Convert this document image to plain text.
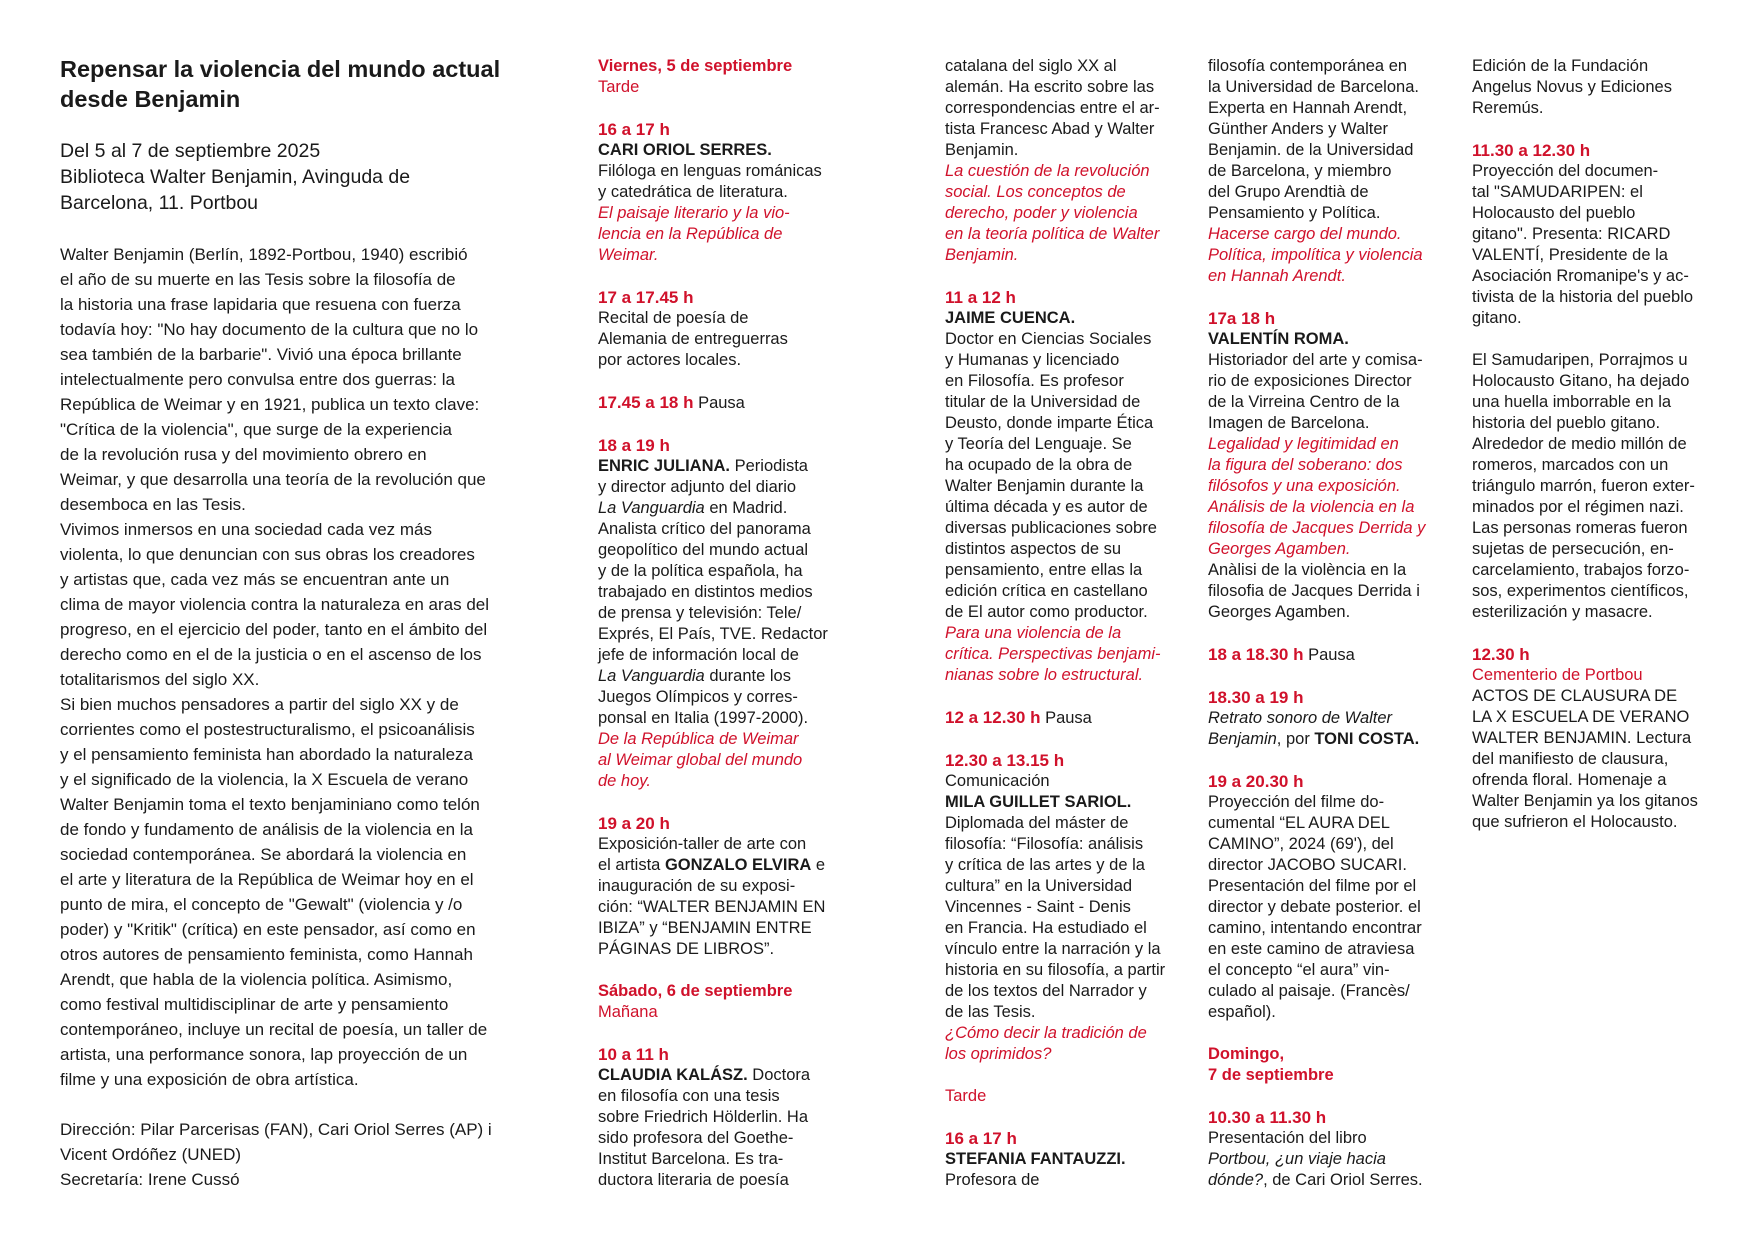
Repensar la violencia del mundo actual
desde Benjamin
Del 5 al 7 de septiembre 2025
Biblioteca Walter Benjamin, Avinguda de
Barcelona, 11. Portbou

Walter Benjamin (Berlín, 1892-Portbou, 1940) escribió
el año de su muerte en las Tesis sobre la filosofía de
la historia una frase lapidaria que resuena con fuerza
todavía hoy: "No hay documento de la cultura que no lo
sea también de la barbarie". Vivió una época brillante
intelectualmente pero convulsa entre dos guerras: la
República de Weimar y en 1921, publica un texto clave:
"Crítica de la violencia", que surge de la experiencia
de la revolución rusa y del movimiento obrero en
Weimar, y que desarrolla una teoría de la revolución que
desemboca en las Tesis.

Vivimos inmersos en una sociedad cada vez más
violenta, lo que denuncian con sus obras los creadores
y artistas que, cada vez más se encuentran ante un
clima de mayor violencia contra la naturaleza en aras del
progreso, en el ejercicio del poder, tanto en el ámbito del
derecho como en el de la justicia o en el ascenso de los
totalitarismos del siglo XX.

Si bien muchos pensadores a partir del siglo XX y de
corrientes como el postestructuralismo, el psicoanálisis
y el pensamiento feminista han abordado la naturaleza
y el significado de la violencia, la X Escuela de verano
Walter Benjamin toma el texto benjaminiano como telón
de fondo y fundamento de análisis de la violencia en la
sociedad contemporánea. Se abordará la violencia en
el arte y literatura de la República de Weimar hoy en el
punto de mira, el concepto de "Gewalt" (violencia y /o
poder) y "Kritik" (crítica) en este pensador, así como en
otros autores de pensamiento feminista, como Hannah
Arendt, que habla de la violencia política. Asimismo,
como festival multidisciplinar de arte y pensamiento
contemporáneo, incluye un recital de poesía, un taller de
artista, una performance sonora, lap proyección de un
filme y una exposición de obra artística.

Dirección: Pilar Parcerisas (FAN), Cari Oriol Serres (AP) i
Vicent Ordóñez (UNED)
Secretaría: Irene Cussó

Viernes, 5 de septiembre

Tarde

16 a 17 h

CARI ORIOL SERRES.

Filóloga en lenguas románicas
y catedrática de literatura.

El paisaje literario y la vio-
lencia en la República de
Weimar.

17 a 17.45 h

Recital de poesía de
Alemania de entreguerras
por actores locales.

17.45 a 18 h Pausa

18 a 19 h

ENRIC JULIANA. Periodista

y director adjunto del diario

La Vanguardia en Madrid.

Analista crítico del panorama
geopolítico del mundo actual
y de la política española, ha
trabajado en distintos medios
de prensa y televisión: Tele/
Exprés, El País, TVE. Redactor
jefe de información local de

La Vanguardia durante los

Juegos Olímpicos y corres-
ponsal en Italia (1997-2000).

De la República de Weimar
al Weimar global del mundo
de hoy.

19 a 20 h

Exposición-taller de arte con

el artista GONZALO ELVIRA e

inauguración de su exposi-
ción: “WALTER BENJAMIN EN
IBIZA” y “BENJAMIN ENTRE
PÁGINAS DE LIBROS”.

Sábado, 6 de septiembre

Mañana

10 a 11 h

CLAUDIA KALÁSZ. Doctora

en filosofía con una tesis
sobre Friedrich Hölderlin. Ha
sido profesora del Goethe-
Institut Barcelona. Es tra-
ductora literaria de poesía

catalana del siglo XX al
alemán. Ha escrito sobre las
correspondencias entre el ar-
tista Francesc Abad y Walter
Benjamin.

La cuestión de la revolución
social. Los conceptos de
derecho, poder y violencia
en la teoría política de Walter
Benjamin.

11 a 12 h

JAIME CUENCA.

Doctor en Ciencias Sociales
y Humanas y licenciado
en Filosofía. Es profesor
titular de la Universidad de
Deusto, donde imparte Ética
y Teoría del Lenguaje. Se
ha ocupado de la obra de
Walter Benjamin durante la
última década y es autor de
diversas publicaciones sobre
distintos aspectos de su
pensamiento, entre ellas la
edición crítica en castellano
de El autor como productor.

Para una violencia de la
crítica. Perspectivas benjami-
nianas sobre lo estructural.

12 a 12.30 h Pausa

12.30 a 13.15 h

Comunicación

MILA GUILLET SARIOL.

Diplomada del máster de
filosofía: “Filosofía: análisis
y crítica de las artes y de la
cultura” en la Universidad
Vincennes - Saint - Denis
en Francia. Ha estudiado el
vínculo entre la narración y la
historia en su filosofía, a partir
de los textos del Narrador y
de las Tesis.

¿Cómo decir la tradición de
los oprimidos?

Tarde

16 a 17 h

STEFANIA FANTAUZZI.

Profesora de

filosofía contemporánea en
la Universidad de Barcelona.
Experta en Hannah Arendt,
Günther Anders y Walter
Benjamin. de la Universidad
de Barcelona, y miembro
del Grupo Arendtià de
Pensamiento y Política.

Hacerse cargo del mundo.
Política, impolítica y violencia
en Hannah Arendt.

17a 18 h

VALENTÍN ROMA.

Historiador del arte y comisa-
rio de exposiciones Director
de la Virreina Centro de la
Imagen de Barcelona.

Legalidad y legitimidad en
la figura del soberano: dos
filósofos y una exposición.
Análisis de la violencia en la
filosofía de Jacques Derrida y
Georges Agamben.

Anàlisi de la violència en la
filosofia de Jacques Derrida i
Georges Agamben.

18 a 18.30 h Pausa

18.30 a 19 h

Retrato sonoro de Walter

Benjamin, por TONI COSTA.

19 a 20.30 h

Proyección del filme do-
cumental “EL AURA DEL
CAMINO”, 2024 (69'), del
director JACOBO SUCARI.
Presentación del filme por el
director y debate posterior. el
camino, intentando encontrar
en este camino de atraviesa
el concepto “el aura” vin-
culado al paisaje. (Francès/
español).

Domingo,
7 de septiembre

10.30 a 11.30 h

Presentación del libro

Portbou, ¿un viaje hacia

dónde?, de Cari Oriol Serres.

Edición de la Fundación
Angelus Novus y Ediciones
Reremús.

11.30 a 12.30 h

Proyección del documen-
tal "SAMUDARIPEN: el
Holocausto del pueblo
gitano". Presenta: RICARD
VALENTÍ, Presidente de la
Asociación Rromanipe's y ac-
tivista de la historia del pueblo
gitano.

El Samudaripen, Porrajmos u
Holocausto Gitano, ha dejado
una huella imborrable en la
historia del pueblo gitano.
Alrededor de medio millón de
romeros, marcados con un
triángulo marrón, fueron exter-
minados por el régimen nazi.
Las personas romeras fueron
sujetas de persecución, en-
carcelamiento, trabajos forzo-
sos, experimentos científicos,
esterilización y masacre.

12.30 h

Cementerio de Portbou

ACTOS DE CLAUSURA DE
LA X ESCUELA DE VERANO
WALTER BENJAMIN. Lectura
del manifiesto de clausura,
ofrenda floral. Homenaje a
Walter Benjamin ya los gitanos
que sufrieron el Holocausto.
